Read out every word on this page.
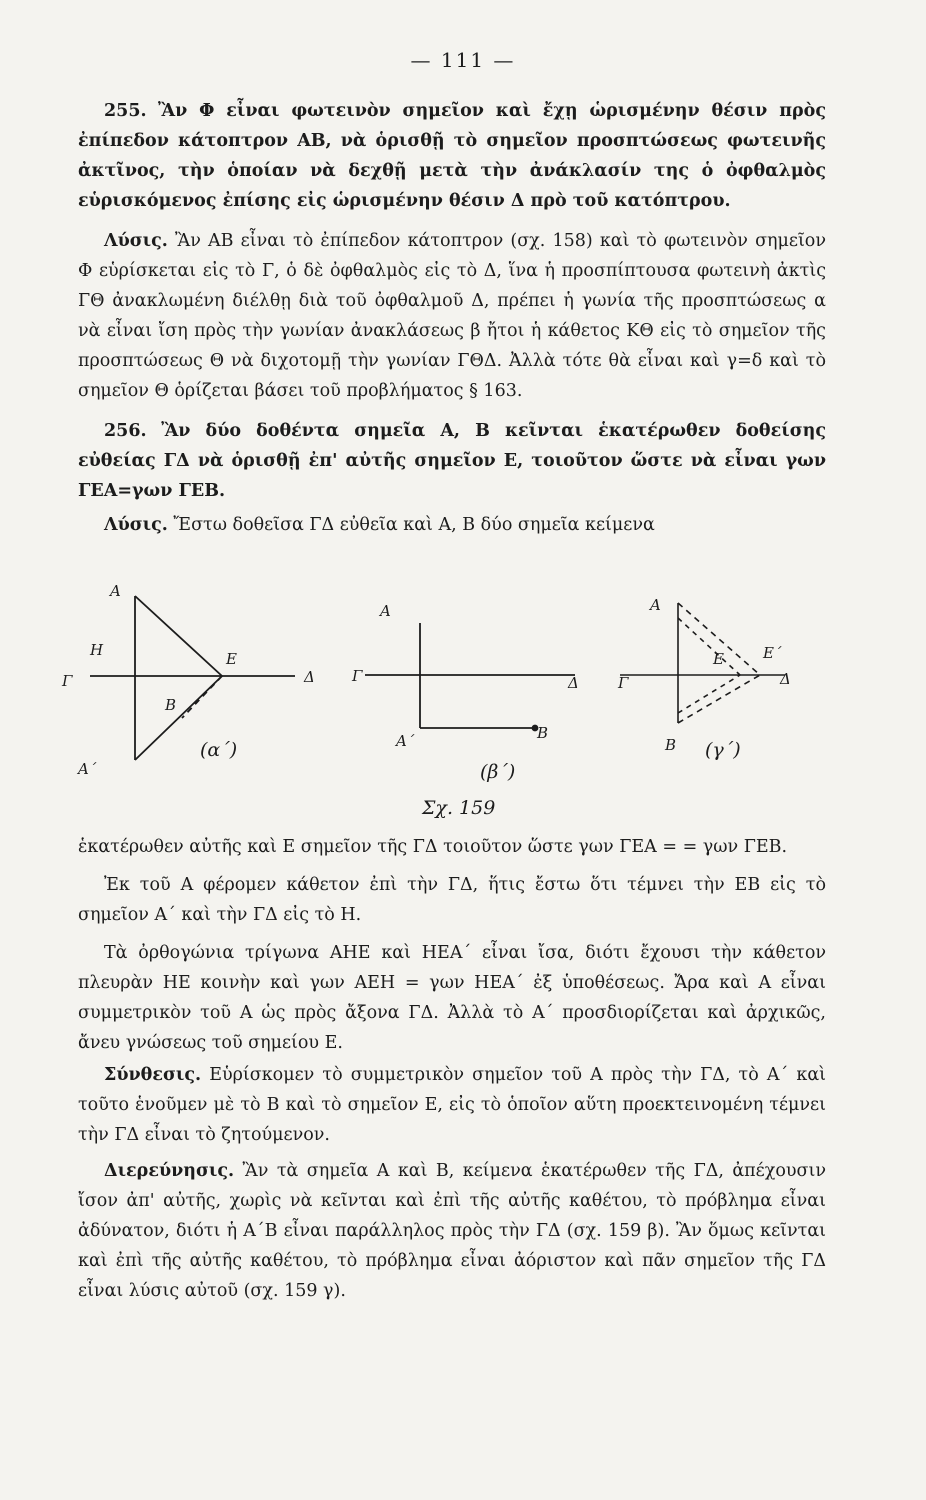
— 111 —

255. Ἂν Φ εἶναι φωτεινὸν σημεῖον καὶ ἔχῃ ὡρισμένην θέσιν πρὸς ἐπίπεδον κάτοπτρον ΑΒ, νὰ ὁρισθῇ τὸ σημεῖον προσπτώσεως φωτεινῆς ἀκτῖνος, τὴν ὁποίαν νὰ δεχθῇ μετὰ τὴν ἀνάκλασίν της ὁ ὀφθαλμὸς εὑρισκόμενος ἐπίσης εἰς ὡρισμένην θέσιν Δ πρὸ τοῦ κατόπτρου.

Λύσις. Ἂν ΑΒ εἶναι τὸ ἐπίπεδον κάτοπτρον (σχ. 158) καὶ τὸ φωτεινὸν σημεῖον Φ εὑρίσκεται εἰς τὸ Γ, ὁ δὲ ὀφθαλμὸς εἰς τὸ Δ, ἵνα ἡ προσπίπτουσα φωτεινὴ ἀκτὶς ΓΘ ἀνακλωμένη διέλθῃ διὰ τοῦ ὀφθαλμοῦ Δ, πρέπει ἡ γωνία τῆς προσπτώσεως α νὰ εἶναι ἴση πρὸς τὴν γωνίαν ἀνακλάσεως β ἤτοι ἡ κάθετος ΚΘ εἰς τὸ σημεῖον τῆς προσπτώσεως Θ νὰ διχοτομῇ τὴν γωνίαν ΓΘΔ. Ἀλλὰ τότε θὰ εἶναι καὶ γ=δ καὶ τὸ σημεῖον Θ ὁρίζεται βάσει τοῦ προβλήματος § 163.

256. Ἂν δύο δοθέντα σημεῖα Α, Β κεῖνται ἑκατέρωθεν δοθείσης εὐθείας ΓΔ νὰ ὁρισθῇ ἐπ' αὐτῆς σημεῖον Ε, τοιοῦτον ὥστε νὰ εἶναι γων ΓΕΑ=γων ΓΕΒ.

Λύσις. Ἔστω δοθεῖσα ΓΔ εὐθεῖα καὶ Α, Β δύο σημεῖα κείμενα

Α
Η
Γ
Ε
Δ
Β
Α΄
(α΄)
Α
Γ	Δ
Α΄	Β
(β΄)
Α
Γ
Ε	Ε΄
Δ
Β (γ΄)
Σχ. 159

ἑκατέρωθεν αὐτῆς καὶ Ε σημεῖον τῆς ΓΔ τοιοῦτον ὥστε γων ΓΕΑ = = γων ΓΕΒ.

Ἐκ τοῦ Α φέρομεν κάθετον ἐπὶ τὴν ΓΔ, ἥτις ἔστω ὅτι τέμνει τὴν ΕΒ εἰς τὸ σημεῖον Α΄ καὶ τὴν ΓΔ εἰς τὸ Η.

Τὰ ὀρθογώνια τρίγωνα ΑΗΕ καὶ ΗΕΑ΄ εἶναι ἴσα, διότι ἔχουσι τὴν κάθετον πλευρὰν ΗΕ κοινὴν καὶ γων ΑΕΗ = γων ΗΕΑ΄ ἐξ ὑποθέσεως. Ἄρα καὶ Α εἶναι συμμετρικὸν τοῦ Α ὡς πρὸς ἄξονα ΓΔ. Ἀλλὰ τὸ Α΄ προσδιορίζεται καὶ ἀρχικῶς, ἄνευ γνώσεως τοῦ σημείου Ε.

Σύνθεσις. Εὑρίσκομεν τὸ συμμετρικὸν σημεῖον τοῦ Α πρὸς τὴν ΓΔ, τὸ Α΄ καὶ τοῦτο ἑνοῦμεν μὲ τὸ Β καὶ τὸ σημεῖον Ε, εἰς τὸ ὁποῖον αὕτη προεκτεινομένη τέμνει τὴν ΓΔ εἶναι τὸ ζητούμενον.

Διερεύνησις. Ἂν τὰ σημεῖα Α καὶ Β, κείμενα ἑκατέρωθεν τῆς ΓΔ, ἀπέχουσιν ἴσον ἀπ' αὐτῆς, χωρὶς νὰ κεῖνται καὶ ἐπὶ τῆς αὐτῆς καθέτου, τὸ πρόβλημα εἶναι ἀδύνατον, διότι ἡ Α΄Β εἶναι παράλληλος πρὸς τὴν ΓΔ (σχ. 159 β). Ἂν ὅμως κεῖνται καὶ ἐπὶ τῆς αὐτῆς καθέτου, τὸ πρόβλημα εἶναι ἀόριστον καὶ πᾶν σημεῖον τῆς ΓΔ εἶναι λύσις αὐτοῦ (σχ. 159 γ).
